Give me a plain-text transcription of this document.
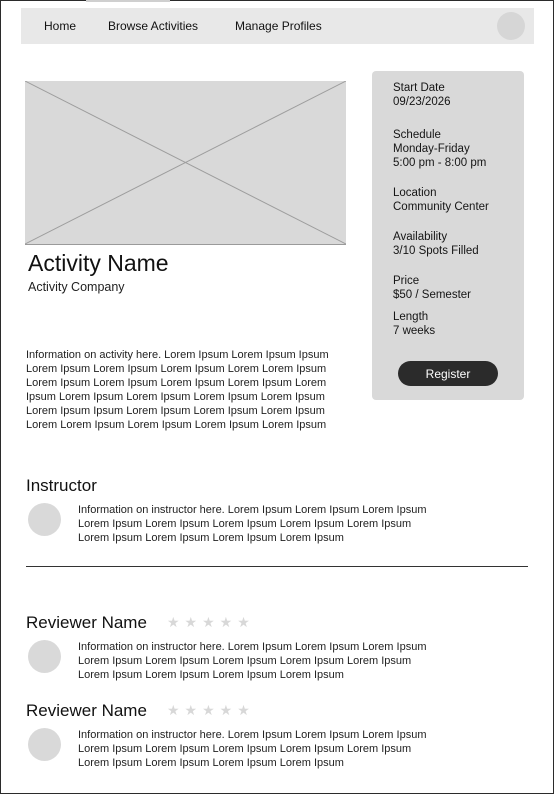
Home	Browse Activities	Manage Profiles
Activity Name
Activity Company
Information on activity here. Lorem Ipsum Lorem Ipsum Ipsum Lorem Ipsum Lorem Ipsum Lorem Ipsum Lorem Lorem Ipsum Lorem Ipsum Lorem Ipsum Lorem Ipsum Lorem Ipsum Lorem Ipsum Lorem Ipsum Lorem Ipsum Lorem Ipsum Lorem Ipsum Lorem Ipsum Ipsum Lorem Ipsum Lorem Ipsum Lorem Ipsum Lorem Lorem Ipsum Lorem Ipsum Lorem Ipsum Lorem Ipsum
Start Date
09/23/2026
Schedule
Monday-Friday
5:00 pm - 8:00 pm
Location
Community Center
Availability
3/10 Spots Filled
Price
$50 / Semester
Length
7 weeks
Register
Instructor
Information on instructor here. Lorem Ipsum Lorem Ipsum Lorem Ipsum Lorem Ipsum Lorem Ipsum Lorem Ipsum Lorem Ipsum Lorem Ipsum Lorem Ipsum Lorem Ipsum Lorem Ipsum Lorem Ipsum
Reviewer Name ★★★★★
Information on instructor here. Lorem Ipsum Lorem Ipsum Lorem Ipsum Lorem Ipsum Lorem Ipsum Lorem Ipsum Lorem Ipsum Lorem Ipsum Lorem Ipsum Lorem Ipsum Lorem Ipsum Lorem Ipsum
Reviewer Name ★★★★★
Information on instructor here. Lorem Ipsum Lorem Ipsum Lorem Ipsum Lorem Ipsum Lorem Ipsum Lorem Ipsum Lorem Ipsum Lorem Ipsum Lorem Ipsum Lorem Ipsum Lorem Ipsum Lorem Ipsum
